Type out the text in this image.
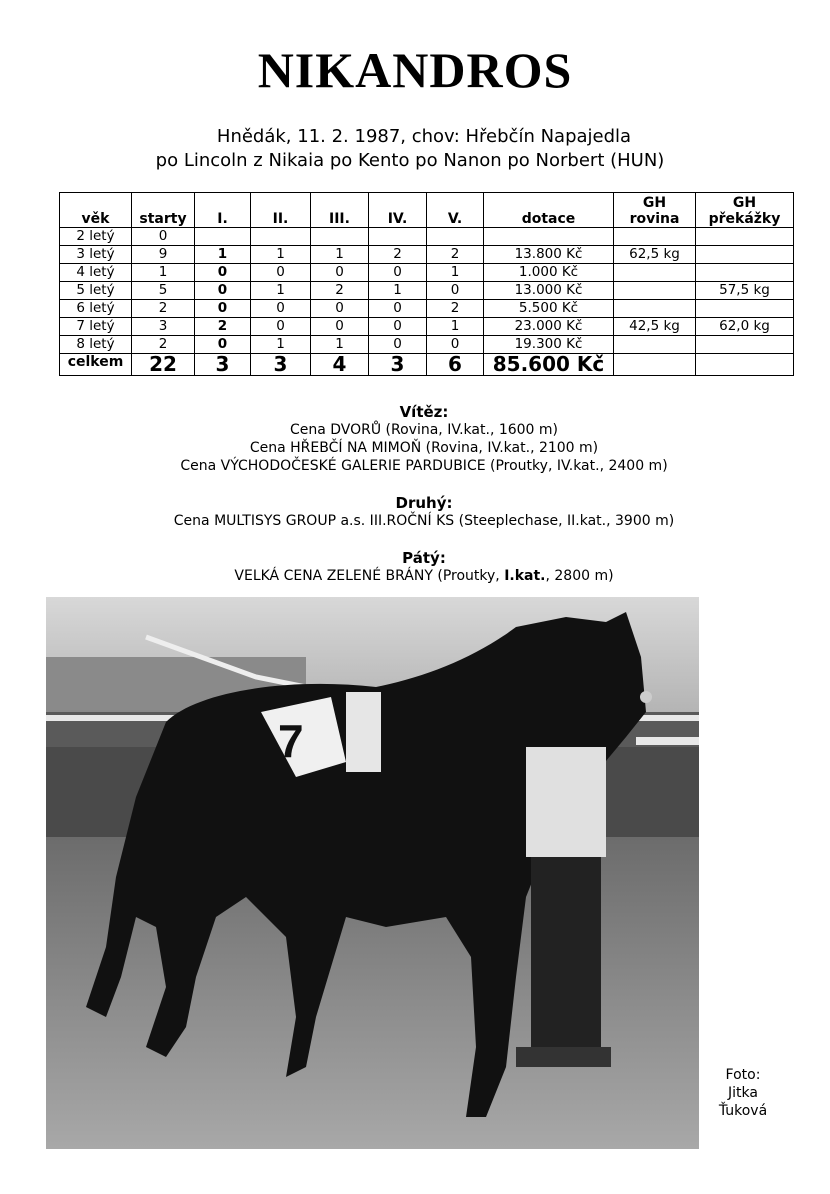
NIKANDROS
Hnědák, 11. 2. 1987, chov: Hřebčín Napajedla
po Lincoln z Nikaia po Kento po Nanon po Norbert (HUN)
věk	starty	I.	II.	III.	IV.	V.	dotace	GH rovina	GH překážky
2 letý	0								
3 letý	9	1	1	1	2	2	13.800 Kč	62,5 kg	
4 letý	1	0	0	0	0	1	1.000 Kč		
5 letý	5	0	1	2	1	0	13.000 Kč		57,5 kg
6 letý	2	0	0	0	0	2	5.500 Kč		
7 letý	3	2	0	0	0	1	23.000 Kč	42,5 kg	62,0 kg
8 letý	2	0	1	1	0	0	19.300 Kč		
celkem	22	3	3	4	3	6	85.600 Kč		
Vítěz:
Cena DVORŮ (Rovina, IV.kat., 1600 m)
Cena HŘEBČÍ NA MIMOŇ (Rovina, IV.kat., 2100 m)
Cena VÝCHODOČESKÉ GALERIE PARDUBICE (Proutky, IV.kat., 2400 m)
Druhý:
Cena MULTISYS GROUP a.s. III.ROČNÍ KS (Steeplechase, II.kat., 3900 m)
Pátý:
VELKÁ CENA ZELENÉ BRÁNY (Proutky, I.kat., 2800 m)
7
Foto:
Jitka
Ťuková
